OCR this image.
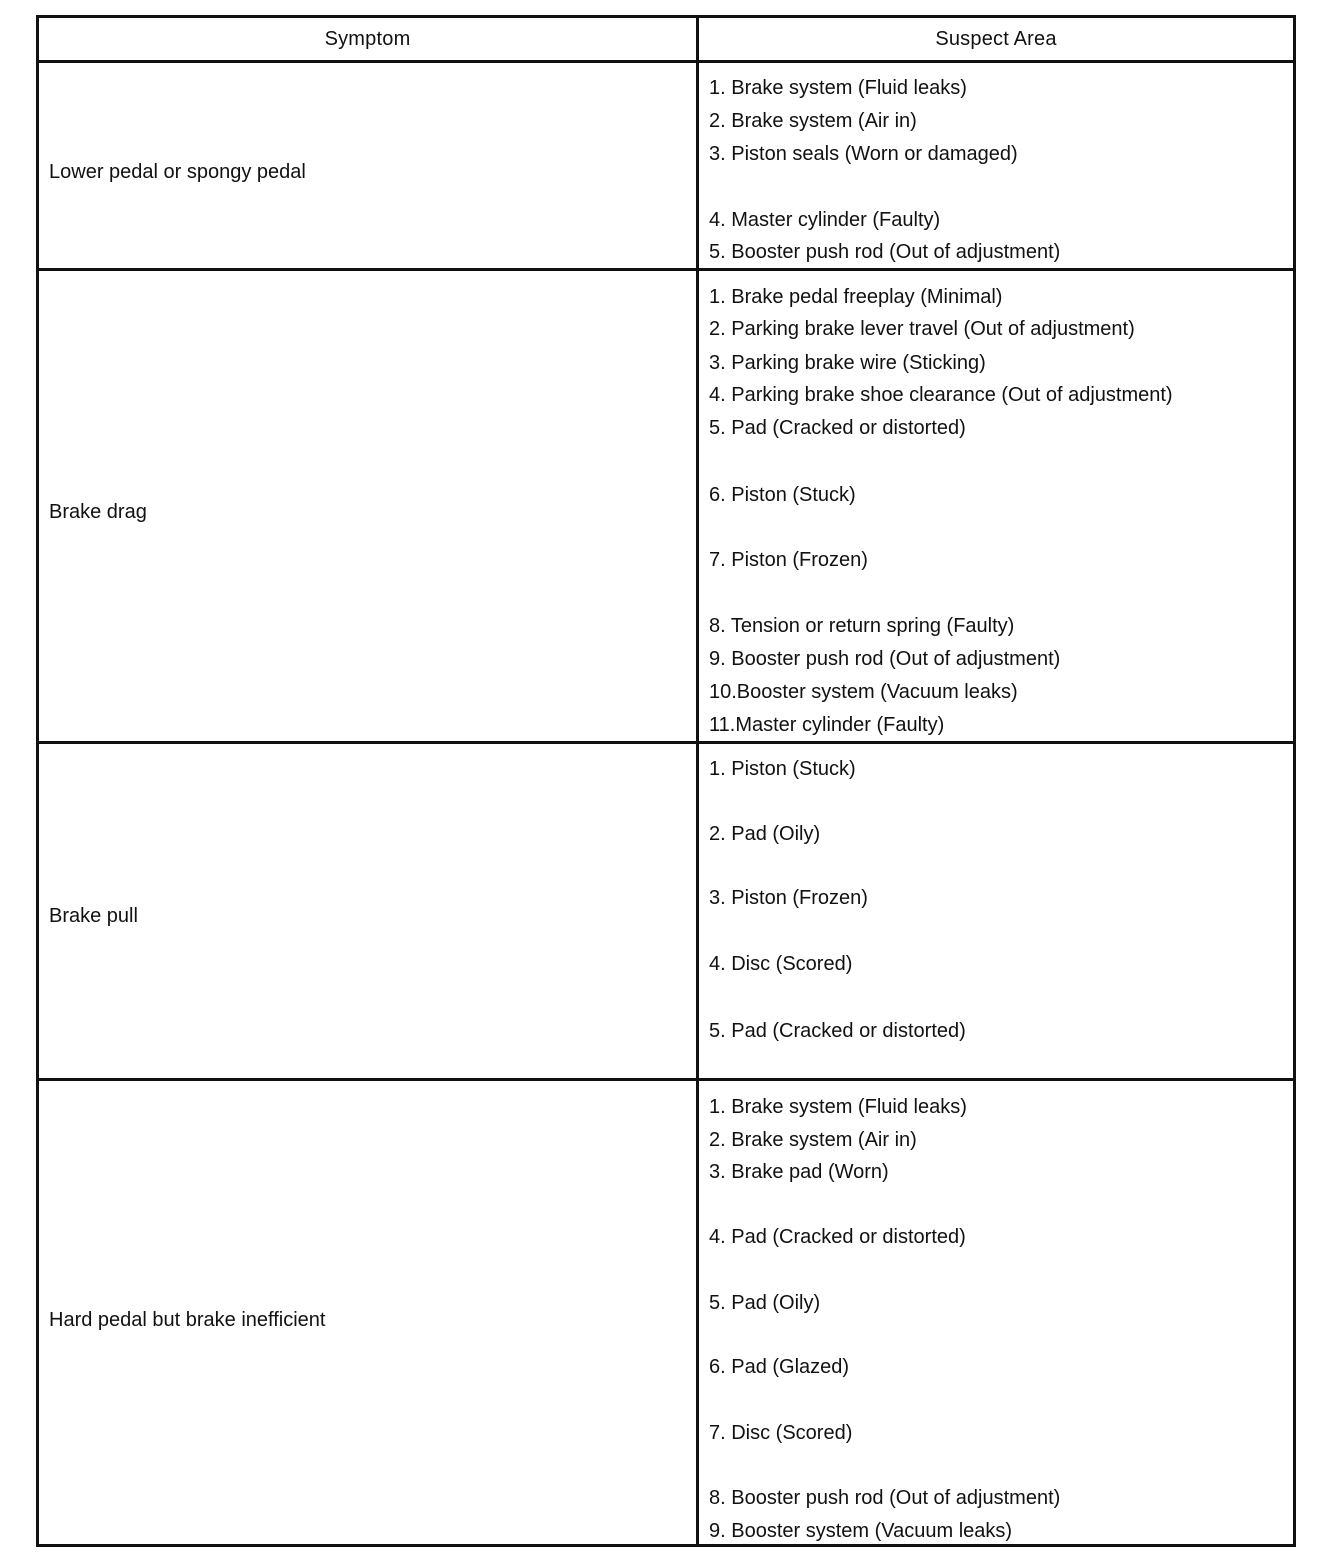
Symptom	Suspect Area
Lower pedal or spongy pedal
1. Brake system (Fluid leaks)
2. Brake system (Air in)
3. Piston seals (Worn or damaged)
4. Master cylinder (Faulty)
5. Booster push rod (Out of adjustment)
Brake drag
1. Brake pedal freeplay (Minimal)
2. Parking brake lever travel (Out of adjustment)
3. Parking brake wire (Sticking)
4. Parking brake shoe clearance (Out of adjustment)
5. Pad (Cracked or distorted)
6. Piston (Stuck)
7. Piston (Frozen)
8. Tension or return spring (Faulty)
9. Booster push rod (Out of adjustment)
10.Booster system (Vacuum leaks)
11.Master cylinder (Faulty)
Brake pull
1. Piston (Stuck)
2. Pad (Oily)
3. Piston (Frozen)
4. Disc (Scored)
5. Pad (Cracked or distorted)
Hard pedal but brake inefficient
1. Brake system (Fluid leaks)
2. Brake system (Air in)
3. Brake pad (Worn)
4. Pad (Cracked or distorted)
5. Pad (Oily)
6. Pad (Glazed)
7. Disc (Scored)
8. Booster push rod (Out of adjustment)
9. Booster system (Vacuum leaks)
